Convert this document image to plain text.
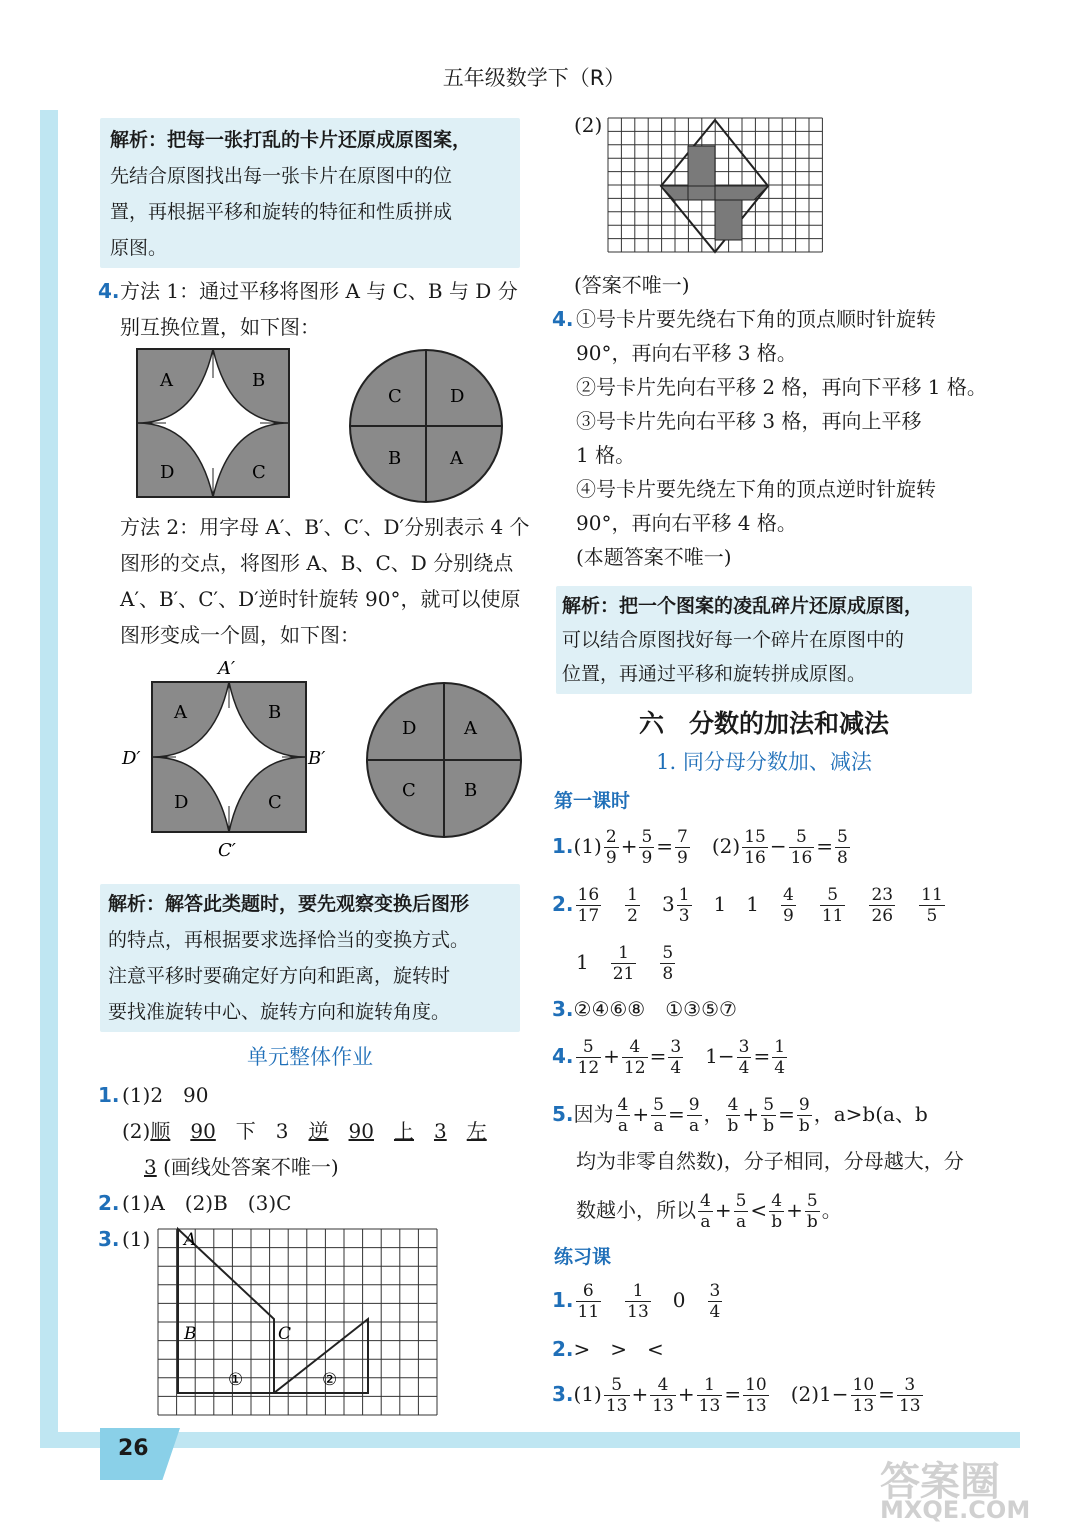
五年级数学下（R）
解析：把每一张打乱的卡片还原成原图案，
先结合原图找出每一张卡片在原图中的位
置，再根据平移和旋转的特征和性质拼成
原图。
4. 方法 1：通过平移将图形 A 与 C、B 与 D 分
别互换位置，如下图：
A	B
C
D
C	D
B	A
方法 2：用字母 A′、B′、C′、D′分别表示 4 个
图形的交点，将图形 A、B、C、D 分别绕点
A′、B′、C′、D′逆时针旋转 90°，就可以使原
图形变成一个圆，如下图：
A′
B′
C′
D′
A	B
C
D
D	A
C	B
解析：解答此类题时，要先观察变换后图形
的特点，再根据要求选择恰当的变换方式。
注意平移时要确定好方向和距离，旋转时
要找准旋转中心、旋转方向和旋转角度。
单元整体作业
1. (1)2　90
(2)顺　 90　 下　 3　 逆　 90　 上　 3　 左
3 (画线处答案不唯一)
2. (1)A　(2)B　(3)C
3. (1) A
B	C
①	②
(2)
(答案不唯一)
4. ①号卡片要先绕右下角的顶点顺时针旋转
90°，再向右平移 3 格。
②号卡片先向右平移 2 格，再向下平移 1 格。
③号卡片先向右平移 3 格，再向上平移
1 格。
④号卡片要先绕左下角的顶点逆时针旋转
90°，再向右平移 4 格。
(本题答案不唯一)
解析：把一个图案的凌乱碎片还原成原图，
可以结合原图找好每一个碎片在原图中的
位置，再通过平移和旋转拼成原图。
六　分数的加法和减法
1. 同分母分数加、减法
第一课时
$1.(1) \frac{2}{9} + \frac{5}{9} = \frac{7}{9}$
　 $(2) \frac{15}{16} - \frac{5}{16} = \frac{5}{8}$
2. $\frac{16}{17}$
　 $\frac{1}{2}$
　 $3 \frac{1}{3}$
　 1　 1　 $\frac{4}{9}$
　 $\frac{5}{11}$
　 $\frac{23}{26}$
　 $\frac{11}{5}$
1　 $\frac{1}{21}$
　 $\frac{5}{8}$
3.②④⑥⑧　①③⑤⑦
4. $\frac{5}{12} + \frac{4}{12} = \frac{3}{4}$
　 $1- \frac{3}{4} = \frac{1}{4}$
5.因为 $\frac{4}{a} + \frac{5}{a} = \frac{9}{a}$ ， $\frac{4}{b} + \frac{5}{b} = \frac{9}{b}$ ，a>b(a、b
均为非零自然数)，分子相同，分母越大，分
数越小，所以 $\frac{4}{a} + \frac{5}{a} < \frac{4}{b} + \frac{5}{b}$ 。
练习课
1. $\frac{6}{11}$
　 $\frac{1}{13}$
　 0　 $\frac{3}{4}$
2.>　>　<
$3.(1) \frac{5}{13} + \frac{4}{13} + \frac{1}{13} = \frac{10}{13}$
　 $(2)1- \frac{10}{13} = \frac{3}{13}$
26
答案圈
MXQE.COM
